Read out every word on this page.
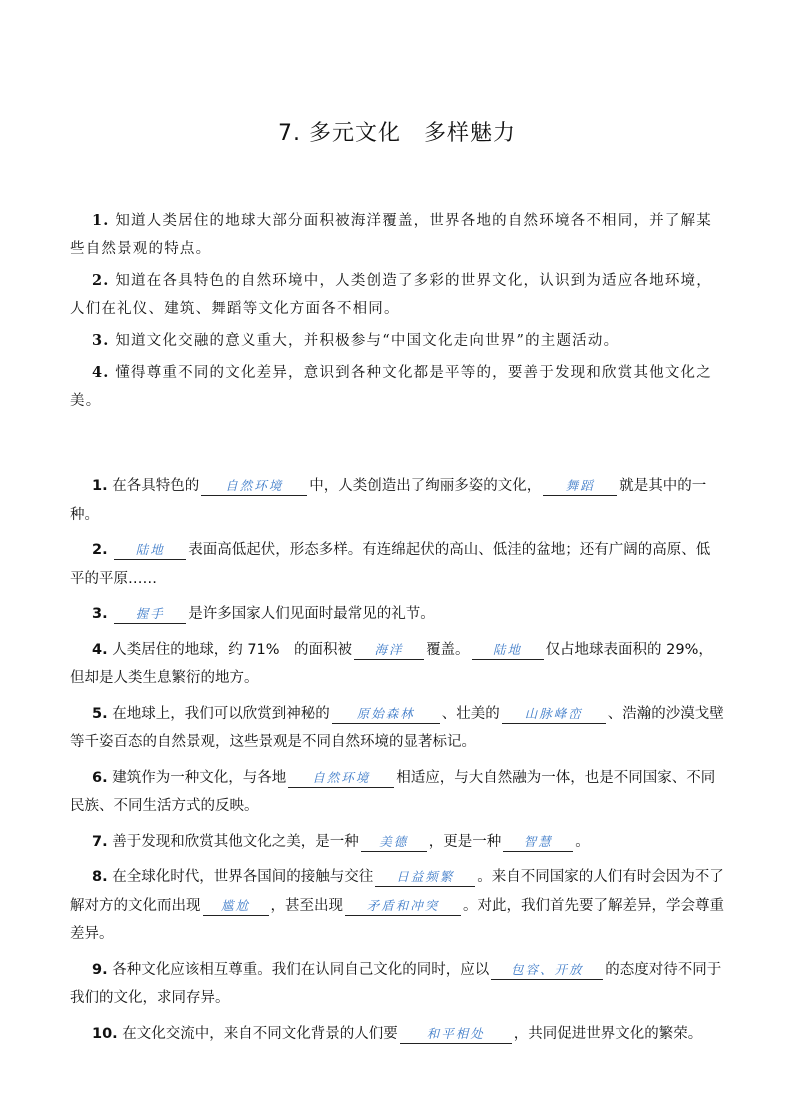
7. 多元文化　多样魅力

1. 知道人类居住的地球大部分面积被海洋覆盖，世界各地的自然环境各不相同，并了解某些自然景观的特点。

2. 知道在各具特色的自然环境中，人类创造了多彩的世界文化，认识到为适应各地环境，人们在礼仪、建筑、舞蹈等文化方面各不相同。

3. 知道文化交融的意义重大，并积极参与“中国文化走向世界”的主题活动。

4. 懂得尊重不同的文化差异，意识到各种文化都是平等的，要善于发现和欣赏其他文化之美。

1. 在各具特色的 自然环境 中，人类创造出了绚丽多姿的文化， 舞蹈 就是其中的一种。

2. 陆地 表面高低起伏，形态多样。有连绵起伏的高山、低洼的盆地；还有广阔的高原、低平的平原……

3. 握手 是许多国家人们见面时最常见的礼节。

4. 人类居住的地球，约 71%　的面积被 海洋 覆盖。 陆地 仅占地球表面积的 29%，但却是人类生息繁衍的地方。

5. 在地球上，我们可以欣赏到神秘的 原始森林 、壮美的 山脉峰峦 、浩瀚的沙漠戈壁等千姿百态的自然景观，这些景观是不同自然环境的显著标记。

6. 建筑作为一种文化，与各地 自然环境 相适应，与大自然融为一体，也是不同国家、不同民族、不同生活方式的反映。

7. 善于发现和欣赏其他文化之美，是一种 美德 ，更是一种 智慧 。

8. 在全球化时代，世界各国间的接触与交往 日益频繁 。来自不同国家的人们有时会因为不了解对方的文化而出现 尴尬 ，甚至出现 矛盾和冲突 。对此，我们首先要了解差异，学会尊重差异。

9. 各种文化应该相互尊重。我们在认同自己文化的同时，应以 包容、开放 的态度对待不同于我们的文化，求同存异。

10. 在文化交流中，来自不同文化背景的人们要 和平相处 ，共同促进世界文化的繁荣。
